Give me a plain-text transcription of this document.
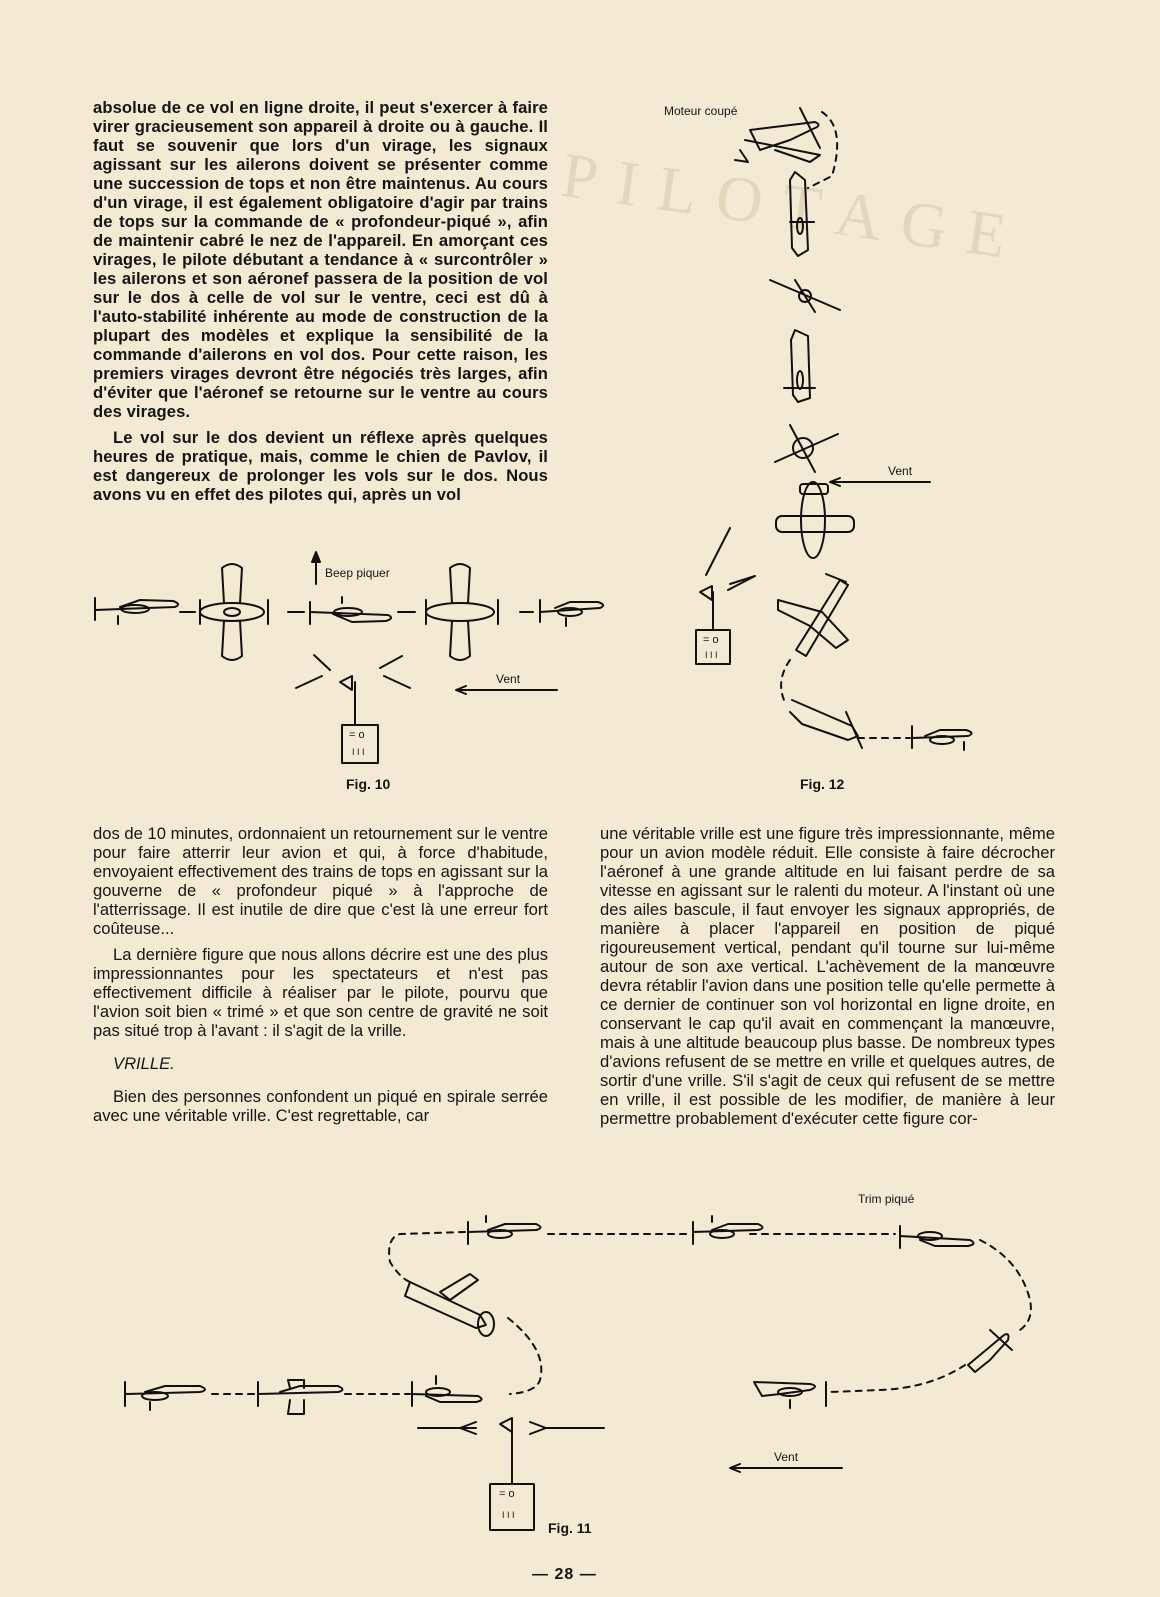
PILOTAGE

absolue de ce vol en ligne droite, il peut s'exercer à faire virer gracieusement son appareil à droite ou à gauche. Il faut se souvenir que lors d'un virage, les signaux agissant sur les ailerons doivent se présenter comme une succession de tops et non être maintenus. Au cours d'un virage, il est également obligatoire d'agir par trains de tops sur la commande de « profondeur-piqué », afin de maintenir cabré le nez de l'appareil. En amorçant ces virages, le pilote débutant a tendance à « surcontrôler » les ailerons et son aéronef passera de la position de vol sur le dos à celle de vol sur le ventre, ceci est dû à l'auto-stabilité inhérente au mode de construction de la plupart des modèles et explique la sensibilité de la commande d'ailerons en vol dos. Pour cette raison, les premiers virages devront être négociés très larges, afin d'éviter que l'aéronef se retourne sur le ventre au cours des virages.

Le vol sur le dos devient un réflexe après quelques heures de pratique, mais, comme le chien de Pavlov, il est dangereux de prolonger les vols sur le dos. Nous avons vu en effet des pilotes qui, après un vol

Beep piquer
Vent
= o
I I I
Fig. 10
Moteur coupé
Vent
= o
I I I
Fig. 12

dos de 10 minutes, ordonnaient un retournement sur le ventre pour faire atterrir leur avion et qui, à force d'habitude, envoyaient effectivement des trains de tops en agissant sur la gouverne de « profondeur piqué » à l'approche de l'atterrissage. Il est inutile de dire que c'est là une erreur fort coûteuse...

La dernière figure que nous allons décrire est une des plus impressionnantes pour les spectateurs et n'est pas effectivement difficile à réaliser par le pilote, pourvu que l'avion soit bien « trimé » et que son centre de gravité ne soit pas situé trop à l'avant : il s'agit de la vrille.

VRILLE.

Bien des personnes confondent un piqué en spirale serrée avec une véritable vrille. C'est regrettable, car

une véritable vrille est une figure très impressionnante, même pour un avion modèle réduit. Elle consiste à faire décrocher l'aéronef à une grande altitude en lui faisant perdre de sa vitesse en agissant sur le ralenti du moteur. A l'instant où une des ailes bascule, il faut envoyer les signaux appropriés, de manière à placer l'appareil en position de piqué rigoureusement vertical, pendant qu'il tourne sur lui-même autour de son axe vertical. L'achèvement de la manœuvre devra rétablir l'avion dans une position telle qu'elle permette à ce dernier de continuer son vol horizontal en ligne droite, en conservant le cap qu'il avait en commençant la manœuvre, mais à une altitude beaucoup plus basse. De nombreux types d'avions refusent de se mettre en vrille et quelques autres, de sortir d'une vrille. S'il s'agit de ceux qui refusent de se mettre en vrille, il est possible de les modifier, de manière à leur permettre probablement d'exécuter cette figure cor-

Trim piqué
Vent
= o
I I I
Fig. 11
— 28 —
